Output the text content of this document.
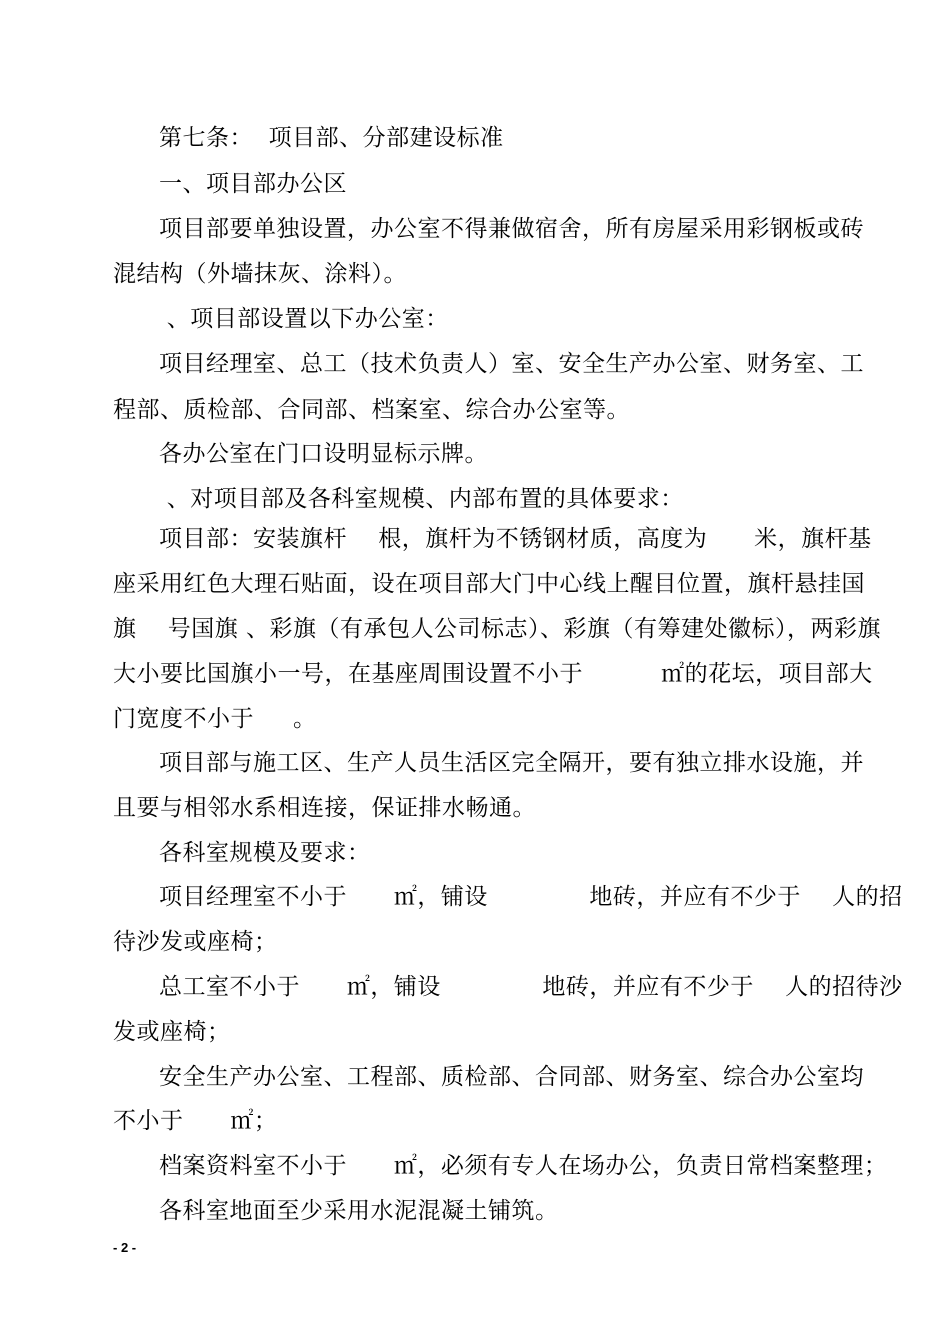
第七条：  项目部、分部建设标准
一、项目部办公区
项目部要单独设置，办公室不得兼做宿舍，所有房屋采用彩钢板或砖
混结构（外墙抹灰、涂料）。
、项目部设置以下办公室：
项目经理室、总工（技术负责人）室、安全生产办公室、财务室、工
程部、质检部、合同部、档案室、综合办公室等。
各办公室在门口设明显标示牌。
、对项目部及各科室规模、内部布置的具体要求：
项目部：安装旗杆    根，旗杆为不锈钢材质，高度为      米，旗杆基
座采用红色大理石贴面，设在项目部大门中心线上醒目位置，旗杆悬挂国
旗    号国旗 、彩旗（有承包人公司标志）、彩旗（有筹建处徽标），两彩旗
大小要比国旗小一号，在基座周围设置不小于          ㎡的花坛，项目部大
门宽度不小于     。
项目部与施工区、生产人员生活区完全隔开，要有独立排水设施，并
且要与相邻水系相连接，保证排水畅通。
各科室规模及要求：
项目经理室不小于      ㎡，铺设             地砖，并应有不少于    人的招
待沙发或座椅；
总工室不小于      ㎡，铺设             地砖，并应有不少于    人的招待沙
发或座椅；
安全生产办公室、工程部、质检部、合同部、财务室、综合办公室均
不小于      ㎡；
档案资料室不小于      ㎡，必须有专人在场办公，负责日常档案整理；
各科室地面至少采用水泥混凝土铺筑。
- 2 -
